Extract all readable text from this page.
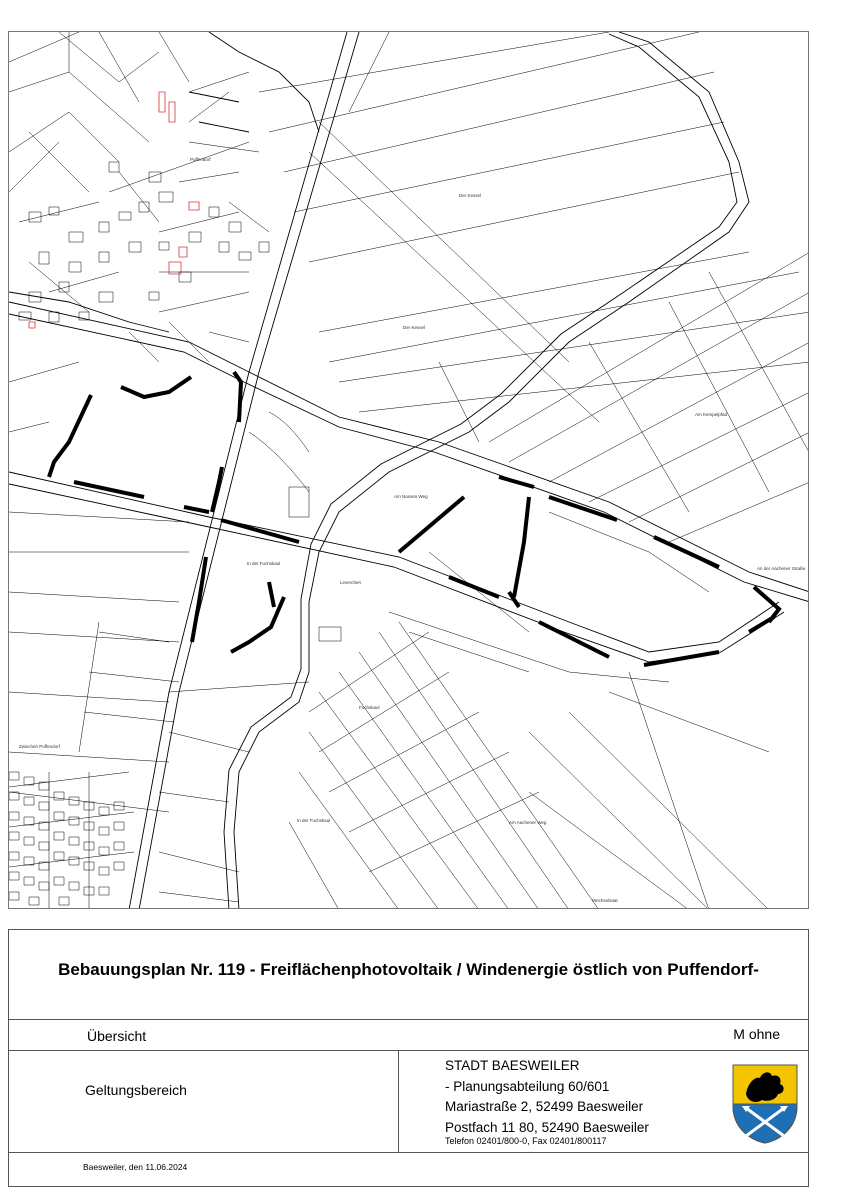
Puffendorf
Der Kessel
Der Kessel
Am Kempelpfad
Am Nassen Weg
In der Fuchskaul
Leverchen
An der Aachener Straße
Fuchskaul
Zwischen Puffendorf
In der Fuchskaul	Am Aachener Weg
Wechselsaat
Bebauungsplan Nr. 119 - Freiflächenphotovoltaik / Windenergie östlich von Puffendorf-
Übersicht	M ohne
Geltungsbereich
STADT BAESWEILER
- Planungsabteilung 60/601
Mariastraße 2, 52499 Baesweiler
Postfach 11 80, 52490 Baesweiler
Telefon 02401/800-0, Fax 02401/800117
Baesweiler, den 11.06.2024
